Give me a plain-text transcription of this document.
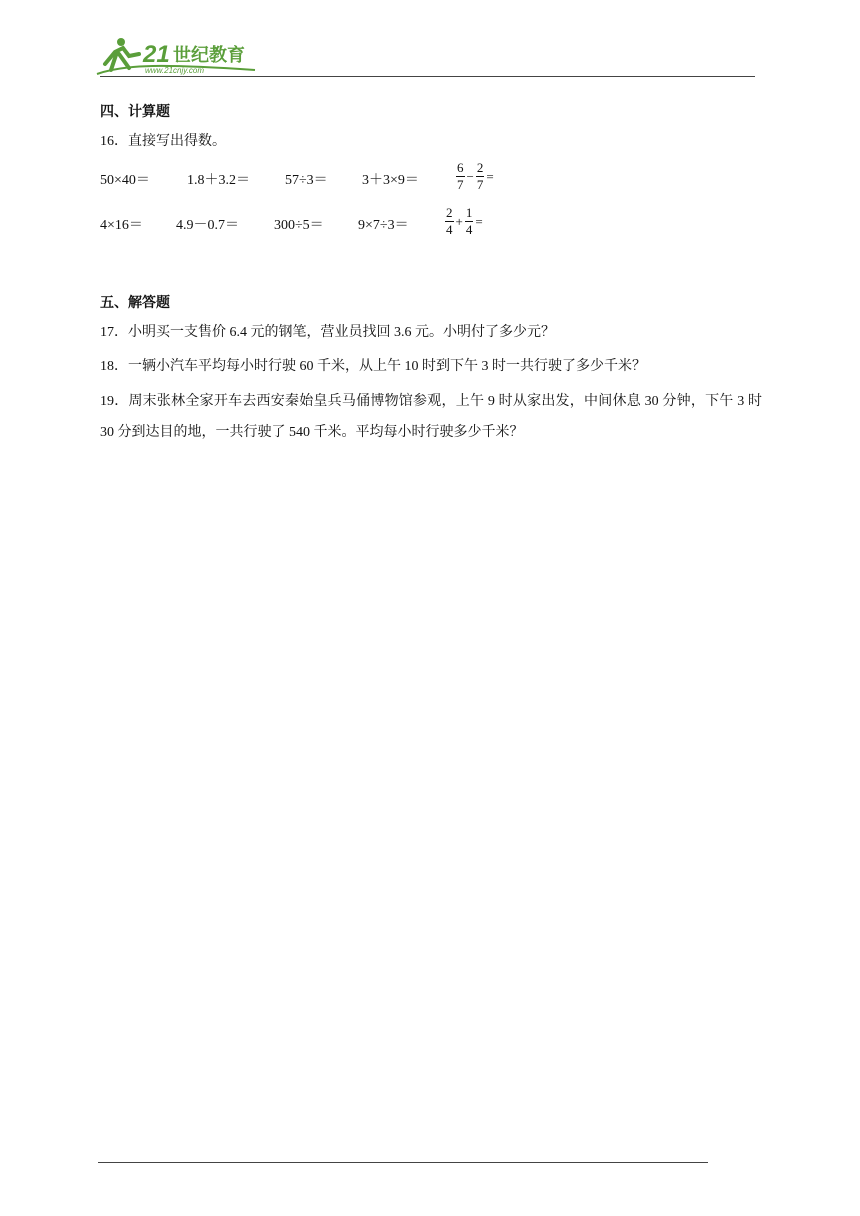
21 世纪教育
www.21cnjy.com
四、计算题
16．直接写出得数。
50×40＝	1.8＋3.2＝	57÷3＝ 3＋3×9＝	$\frac{6}{7} - \frac{2}{7}$ =
4×16＝ 4.9－0.7＝	300÷5＝ 9×7÷3＝	$\frac{2}{4} + \frac{1}{4}$ =
五、解答题
17．小明买一支售价 6.4 元的钢笔，营业员找回 3.6 元。小明付了多少元？
18．一辆小汽车平均每小时行驶 60 千米，从上午 10 时到下午 3 时一共行驶了多少千米？
19．周末张林全家开车去西安秦始皇兵马俑博物馆参观，上午 9 时从家出发，中间休息 30 分钟，下午 3 时 30 分到达目的地，一共行驶了 540 千米。平均每小时行驶多少千米？
